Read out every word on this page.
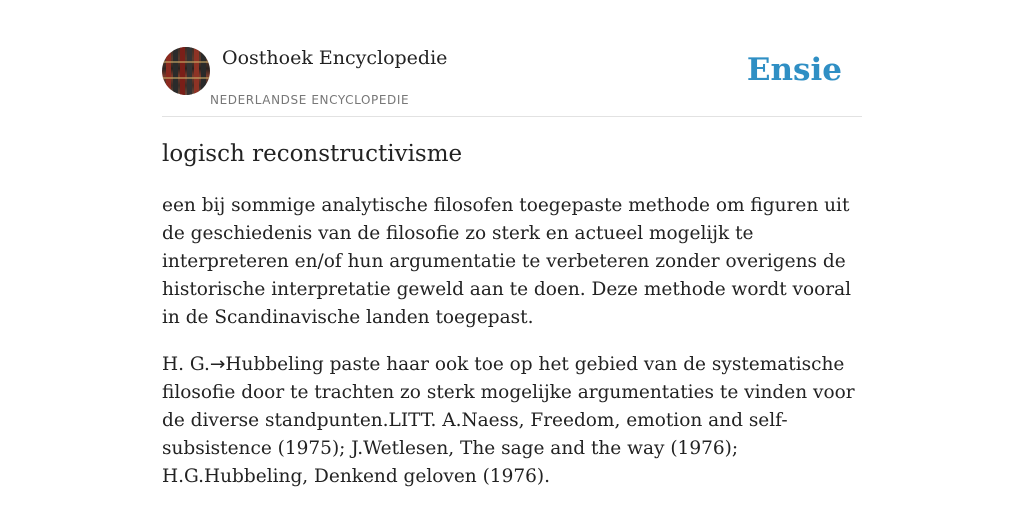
Oosthoek Encyclopedie
NEDERLANDSE ENCYCLOPEDIE
Ensie
logisch reconstructivisme

een bij sommige analytische filosofen toegepaste methode om figuren uit de geschiedenis van de filosofie zo sterk en actueel mogelijk te interpreteren en/of hun argumentatie te verbeteren zonder overigens de historische interpretatie geweld aan te doen. Deze methode wordt vooral in de Scandinavische landen toegepast.

H. G.→Hubbeling paste haar ook toe op het gebied van de systematische filosofie door te trachten zo sterk mogelijke argumentaties te vinden voor de diverse standpunten.LITT. A.Naess, Freedom, emotion and self-subsistence (1975); J.Wetlesen, The sage and the way (1976); H.G.Hubbeling, Denkend geloven (1976).
